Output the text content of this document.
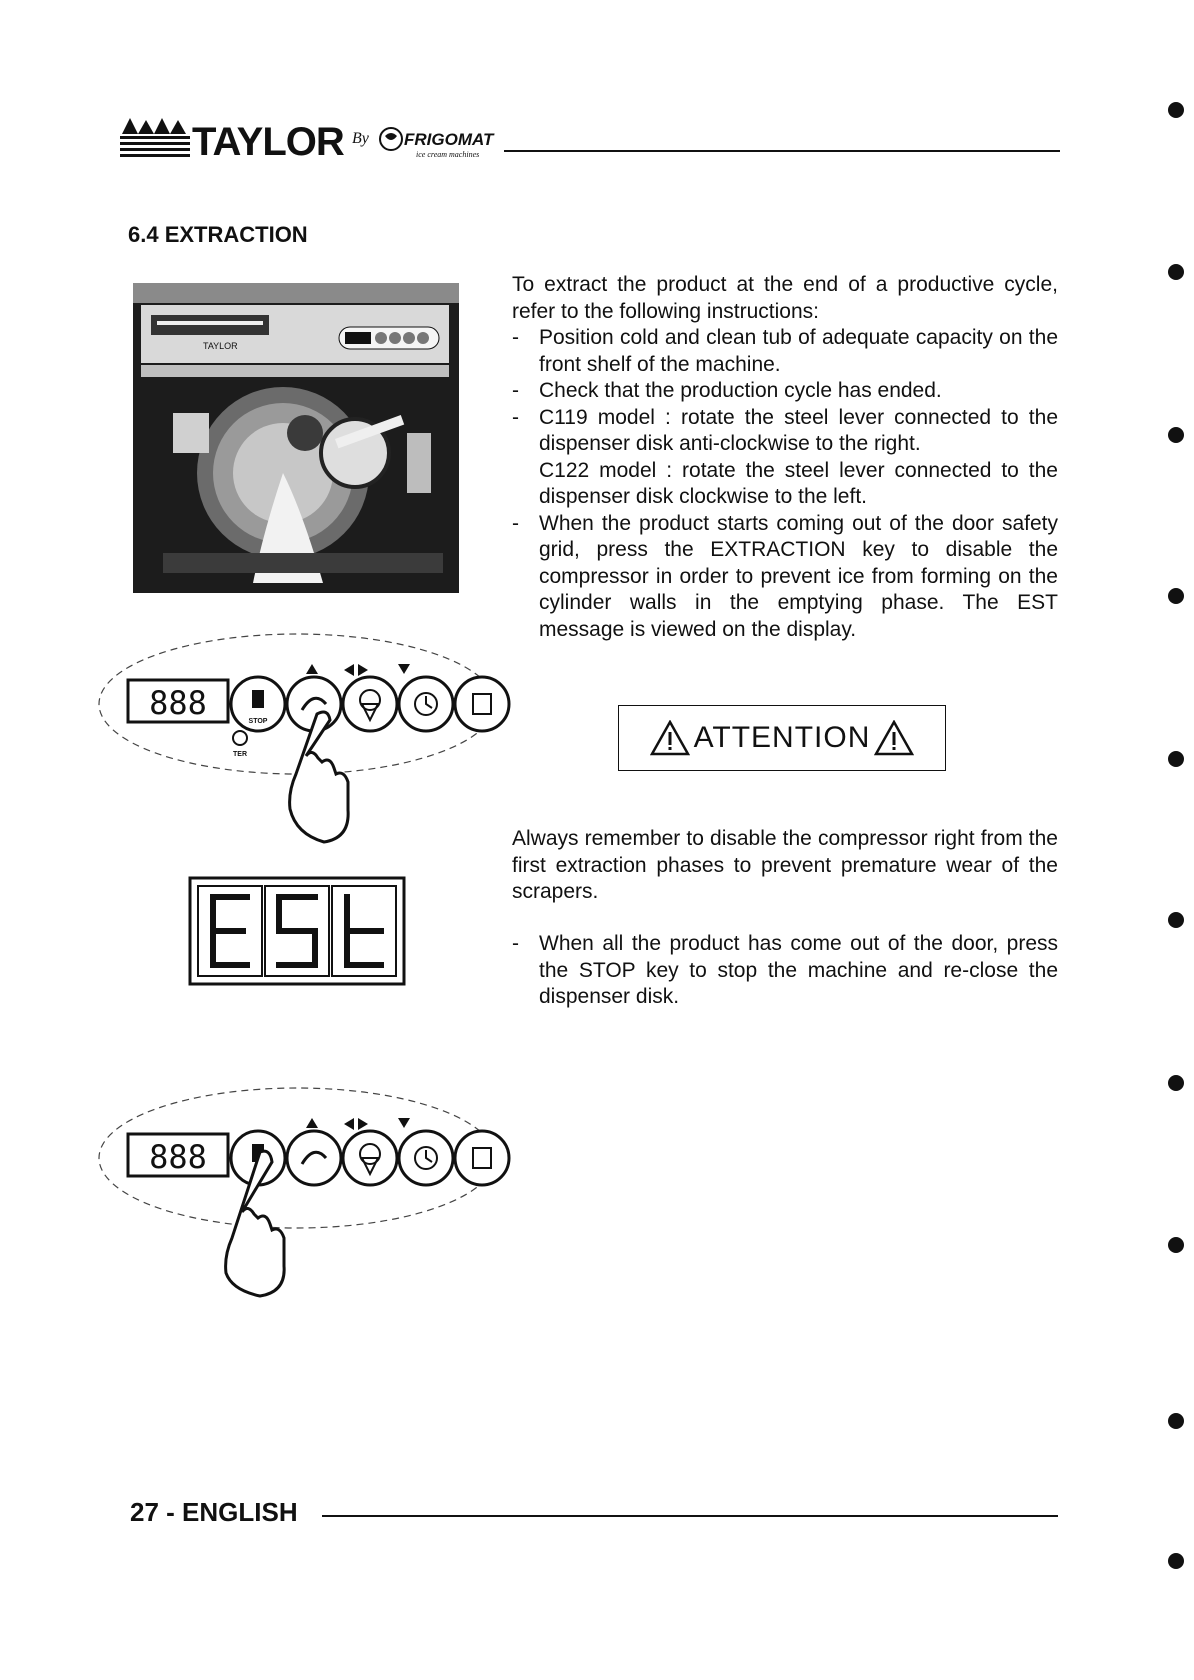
TAYLOR By FRIGOMAT
ice cream machines
6.4 EXTRACTION
TAYLOR
888	STOP
TER
ESt
888

To extract the product at the end of a productive cycle, refer to the following instructions:

- Position cold and clean tub of adequate capacity on the front shelf of the machine.
- Check that the production cycle has ended.
- C119 model : rotate the steel lever connected to the dispenser disk anti-clockwise to the right.

C122 model : rotate the steel lever connected to the dispenser disk clockwise to the left.

- When the product starts coming out of the door safety grid, press the EXTRACTION key to disable the compressor in order to prevent ice from forming on the cylinder walls in the emptying phase. The EST message is viewed on the display.
ATTENTION
Always remember to disable the compressor right from the first extraction phases to prevent premature wear of the scrapers.
- When all the product has come out of the door, press the STOP key to stop the machine and re-close the dispenser disk.
27 - ENGLISH
